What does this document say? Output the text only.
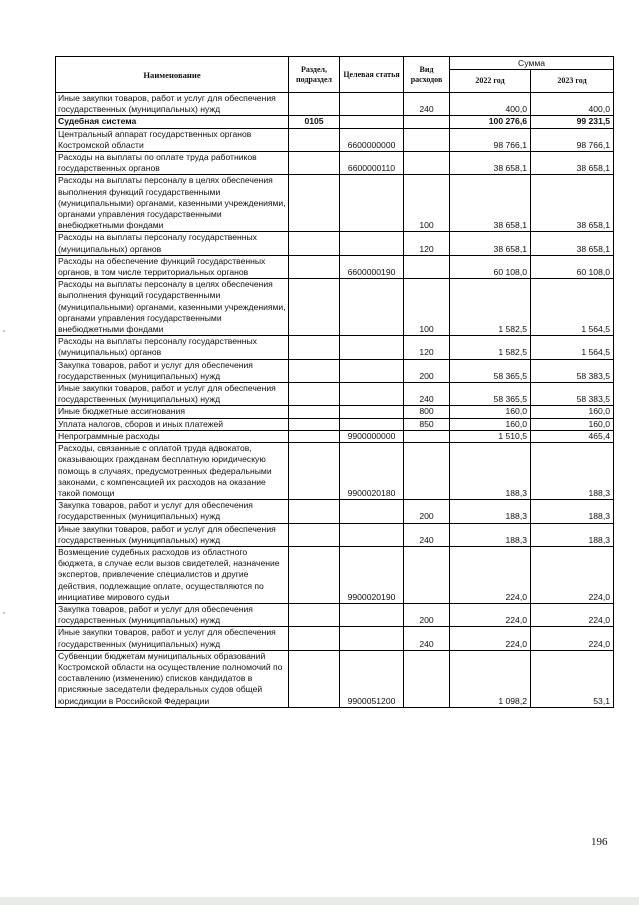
Наименование	Раздел, подраздел	Целевая статья	Вид расходов	Сумма	
				2022 год	2023 год
Иные закупки товаров, работ и услуг для обеспечения государственных (муниципальных) нужд			240	400,0	400,0
Судебная система	0105			100 276,6	99 231,5
Центральный аппарат государственных органов Костромской области		6600000000		98 766,1	98 766,1
Расходы на выплаты по оплате труда работников государственных органов		6600000110		38 658,1	38 658,1
Расходы на выплаты персоналу в целях обеспечения выполнения функций государственными (муниципальными) органами, казенными учреждениями, органами управления государственными внебюджетными фондами			100	38 658,1	38 658,1
Расходы на выплаты персоналу государственных (муниципальных) органов			120	38 658,1	38 658,1
Расходы на обеспечение функций государственных органов, в том числе территориальных органов		6600000190		60 108,0	60 108,0
Расходы на выплаты персоналу в целях обеспечения выполнения функций государственными (муниципальными) органами, казенными учреждениями, органами управления государственными внебюджетными фондами			100	1 582,5	1 564,5
Расходы на выплаты персоналу государственных (муниципальных) органов			120	1 582,5	1 564,5
Закупка товаров, работ и услуг для обеспечения государственных (муниципальных) нужд			200	58 365,5	58 383,5
Иные закупки товаров, работ и услуг для обеспечения государственных (муниципальных) нужд			240	58 365,5	58 383,5
Иные бюджетные ассигнования			800	160,0	160,0
Уплата налогов, сборов и иных платежей			850	160,0	160,0
Непрограммные расходы		9900000000		1 510,5	465,4
Расходы, связанные с оплатой труда адвокатов, оказывающих гражданам бесплатную юридическую помощь в случаях, предусмотренных федеральными законами, с компенсацией их расходов на оказание такой помощи		9900020180		188,3	188,3
Закупка товаров, работ и услуг для обеспечения государственных (муниципальных) нужд			200	188,3	188,3
Иные закупки товаров, работ и услуг для обеспечения государственных (муниципальных) нужд			240	188,3	188,3
Возмещение судебных расходов из областного бюджета, в случае если вызов свидетелей, назначение экспертов, привлечение специалистов и другие действия, подлежащие оплате, осуществляются по инициативе мирового судьи		9900020190		224,0	224,0
Закупка товаров, работ и услуг для обеспечения государственных (муниципальных) нужд			200	224,0	224,0
Иные закупки товаров, работ и услуг для обеспечения государственных (муниципальных) нужд			240	224,0	224,0
Субвенции бюджетам муниципальных образований Костромской области на осуществление полномочий по составлению (изменению) списков кандидатов в присяжные заседатели федеральных судов общей юрисдикции в Российской Федерации		9900051200		1 098,2	53,1
196
